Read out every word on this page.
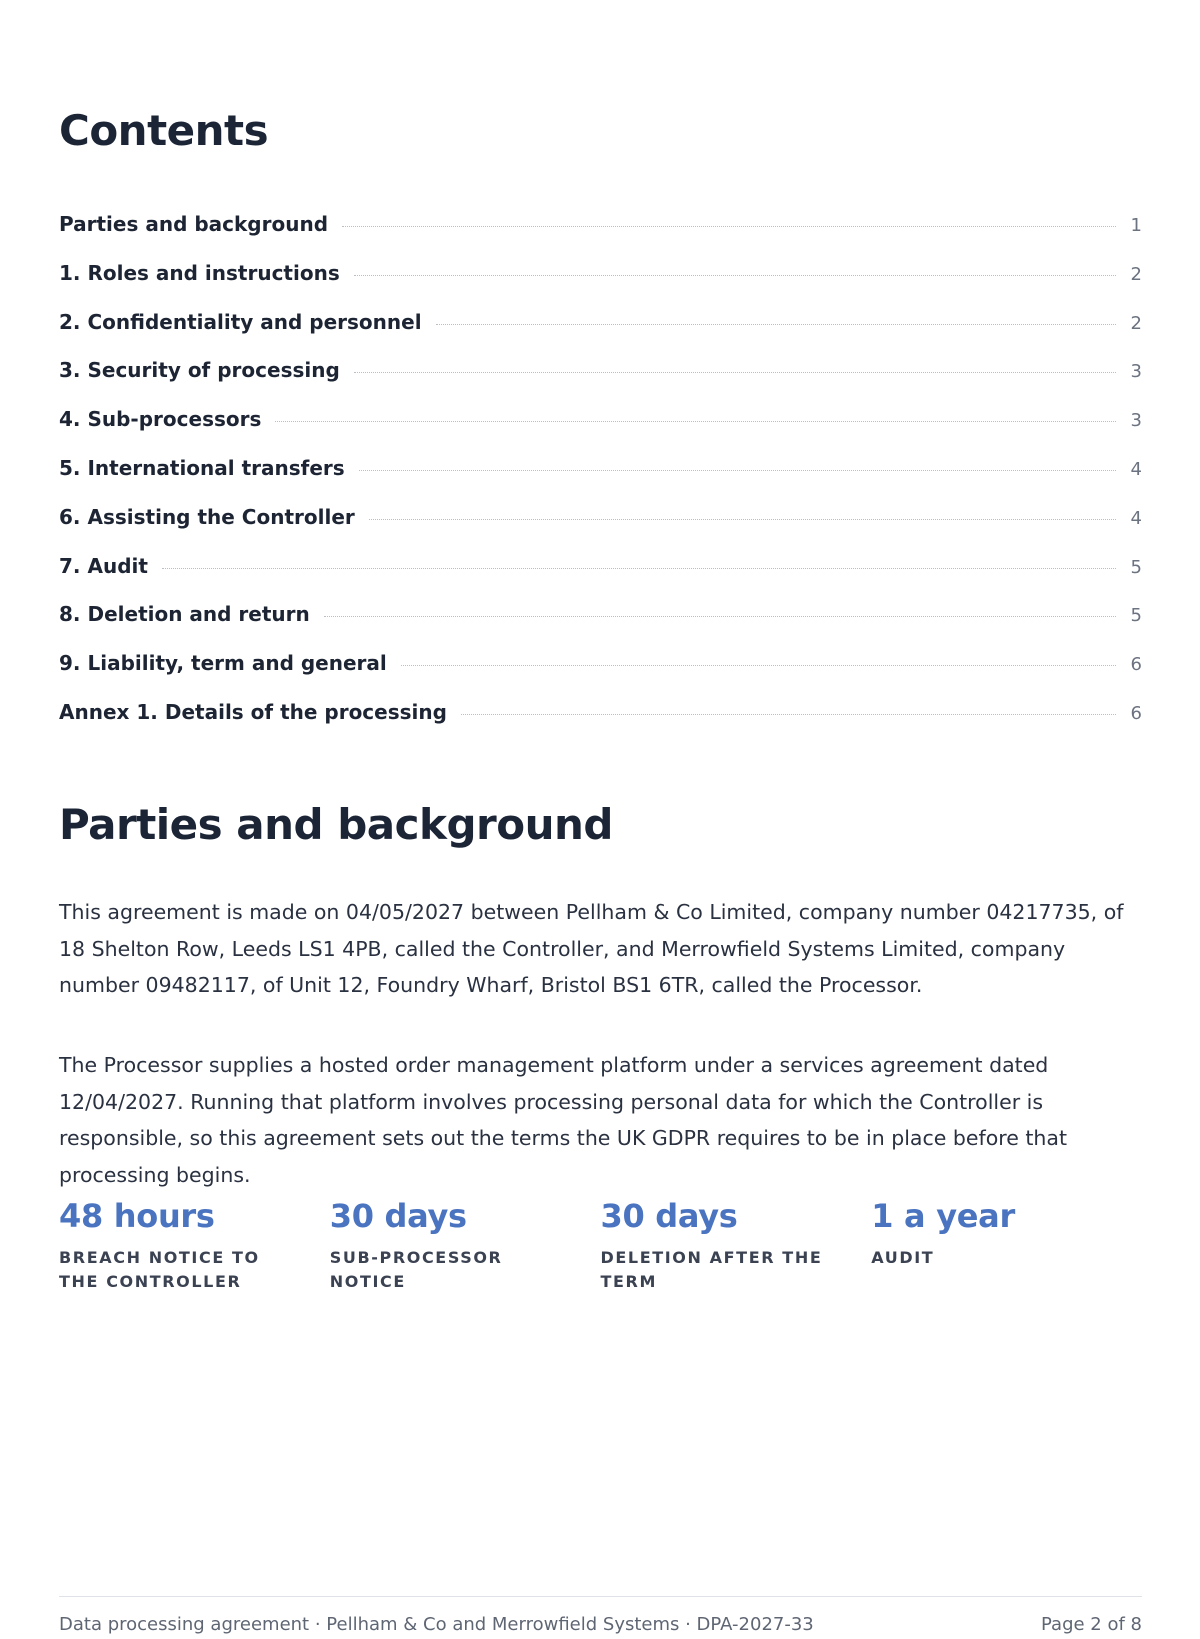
Contents
Parties and background	1
1. Roles and instructions	2
2. Confidentiality and personnel	2
3. Security of processing	3
4. Sub-processors	3
5. International transfers	4
6. Assisting the Controller	4
7. Audit	5
8. Deletion and return	5
9. Liability, term and general	6
Annex 1. Details of the processing	6
Parties and background

This agreement is made on 04/05/2027 between Pellham & Co Limited, company number 04217735, of 18 Shelton Row, Leeds LS1 4PB, called the Controller, and Merrowfield Systems Limited, company number 09482117, of Unit 12, Foundry Wharf, Bristol BS1 6TR, called the Processor.

The Processor supplies a hosted order management platform under a services agreement dated 12/04/2027. Running that platform involves processing personal data for which the Controller is responsible, so this agreement sets out the terms the UK GDPR requires to be in place before that processing begins.

48 hours
BREACH NOTICE TO THE CONTROLLER
30 days
SUB-PROCESSOR NOTICE
30 days
DELETION AFTER THE TERM
1 a year
AUDIT
Data processing agreement · Pellham & Co and Merrowfield Systems · DPA-2027-33	Page 2 of 8
